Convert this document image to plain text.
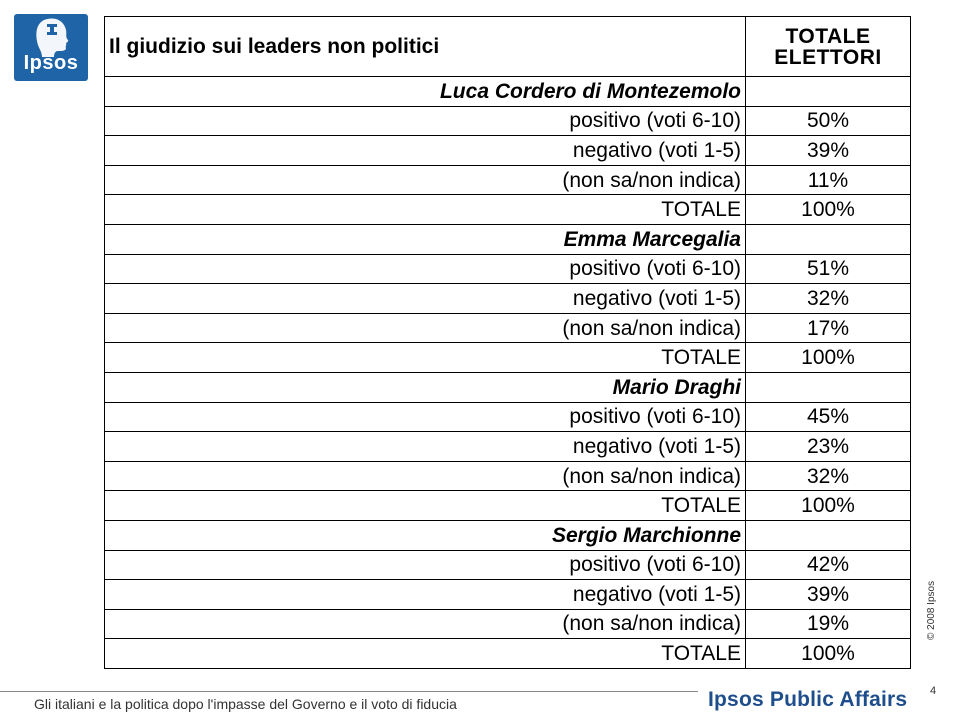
Ipsos
Il giudizio sui leaders non politici	TOTALE
ELETTORI
Luca Cordero di Montezemolo	
positivo (voti 6-10)	50%
negativo (voti 1-5)	39%
(non sa/non indica)	11%
TOTALE	100%
Emma Marcegalia	
positivo (voti 6-10)	51%
negativo (voti 1-5)	32%
(non sa/non indica)	17%
TOTALE	100%
Mario Draghi	
positivo (voti 6-10)	45%
negativo (voti 1-5)	23%
(non sa/non indica)	32%
TOTALE	100%
Sergio Marchionne	
positivo (voti 6-10)	42%
negativo (voti 1-5)	39%
(non sa/non indica)	19%
TOTALE	100%
© 2008 Ipsos
Gli italiani e la politica dopo l'impasse del Governo e il voto di fiducia
4
Ipsos Public Affairs
